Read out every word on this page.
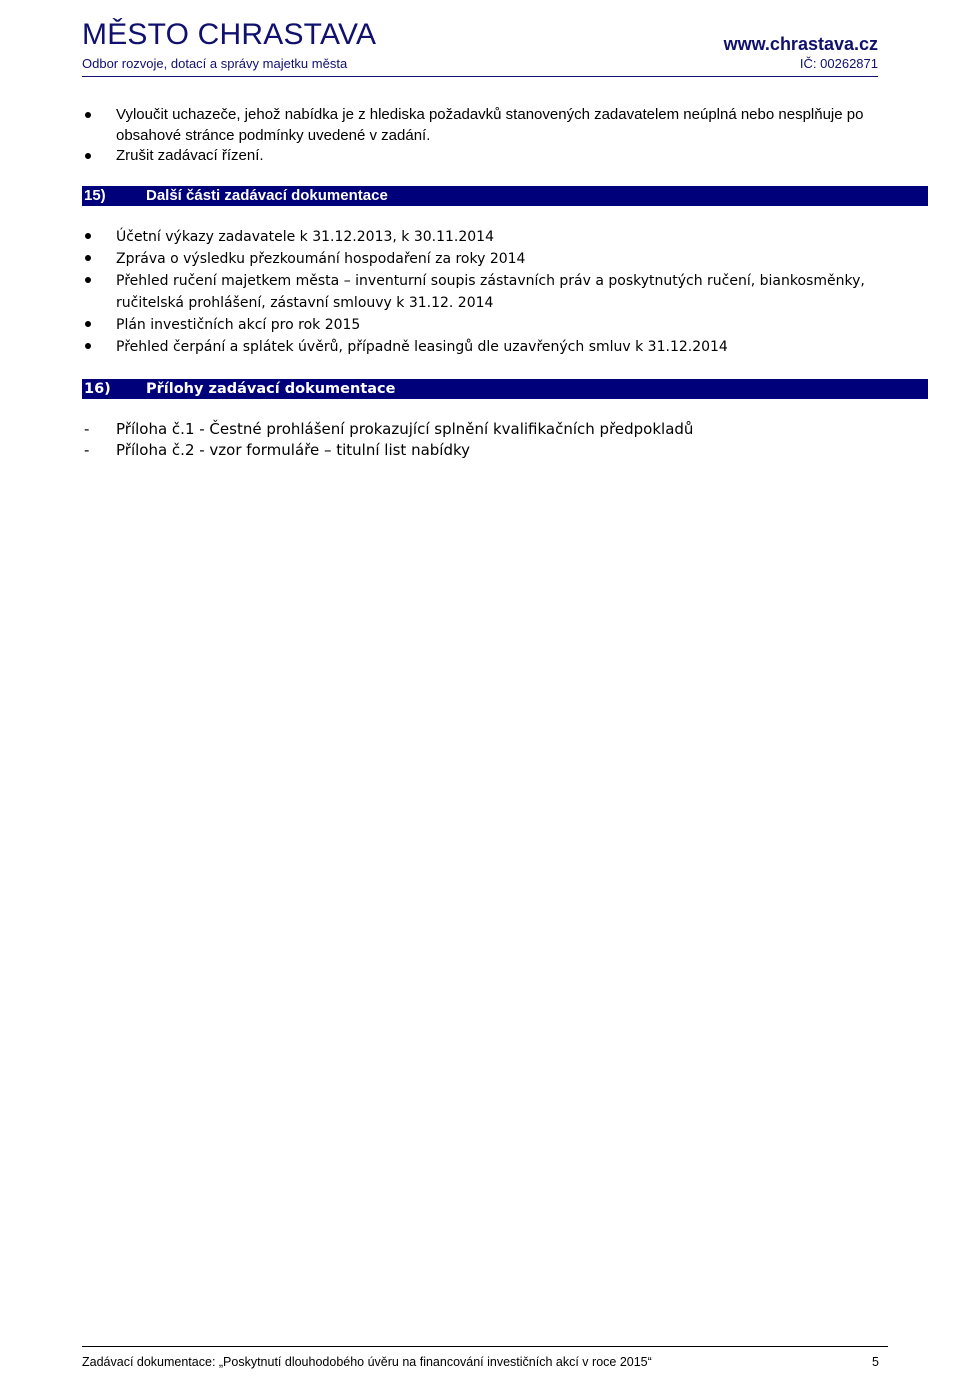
MĚSTO CHRASTAVA
Odbor rozvoje, dotací a správy majetku města
www.chrastava.cz
IČ: 00262871
Vyloučit uchazeče, jehož nabídka je z hlediska požadavků stanovených zadavatelem neúplná nebo nesplňuje po obsahové stránce podmínky uvedené v zadání.
Zrušit zadávací řízení.
15)	Další části zadávací dokumentace
Účetní výkazy zadavatele k 31.12.2013, k 30.11.2014
Zpráva o výsledku přezkoumání hospodaření za roky 2014
Přehled ručení majetkem města – inventurní soupis zástavních práv a poskytnutých ručení, biankosměnky, ručitelská prohlášení, zástavní smlouvy k 31.12. 2014
Plán investičních akcí pro rok 2015
Přehled čerpání a splátek úvěrů, případně leasingů dle uzavřených smluv k 31.12.2014
16) Přílohy zadávací dokumentace
- Příloha č.1 - Čestné prohlášení prokazující splnění kvalifikačních předpokladů
- Příloha č.2 - vzor formuláře – titulní list nabídky
Zadávací dokumentace: „Poskytnutí dlouhodobého úvěru na financování investičních akcí v roce 2015“	5
